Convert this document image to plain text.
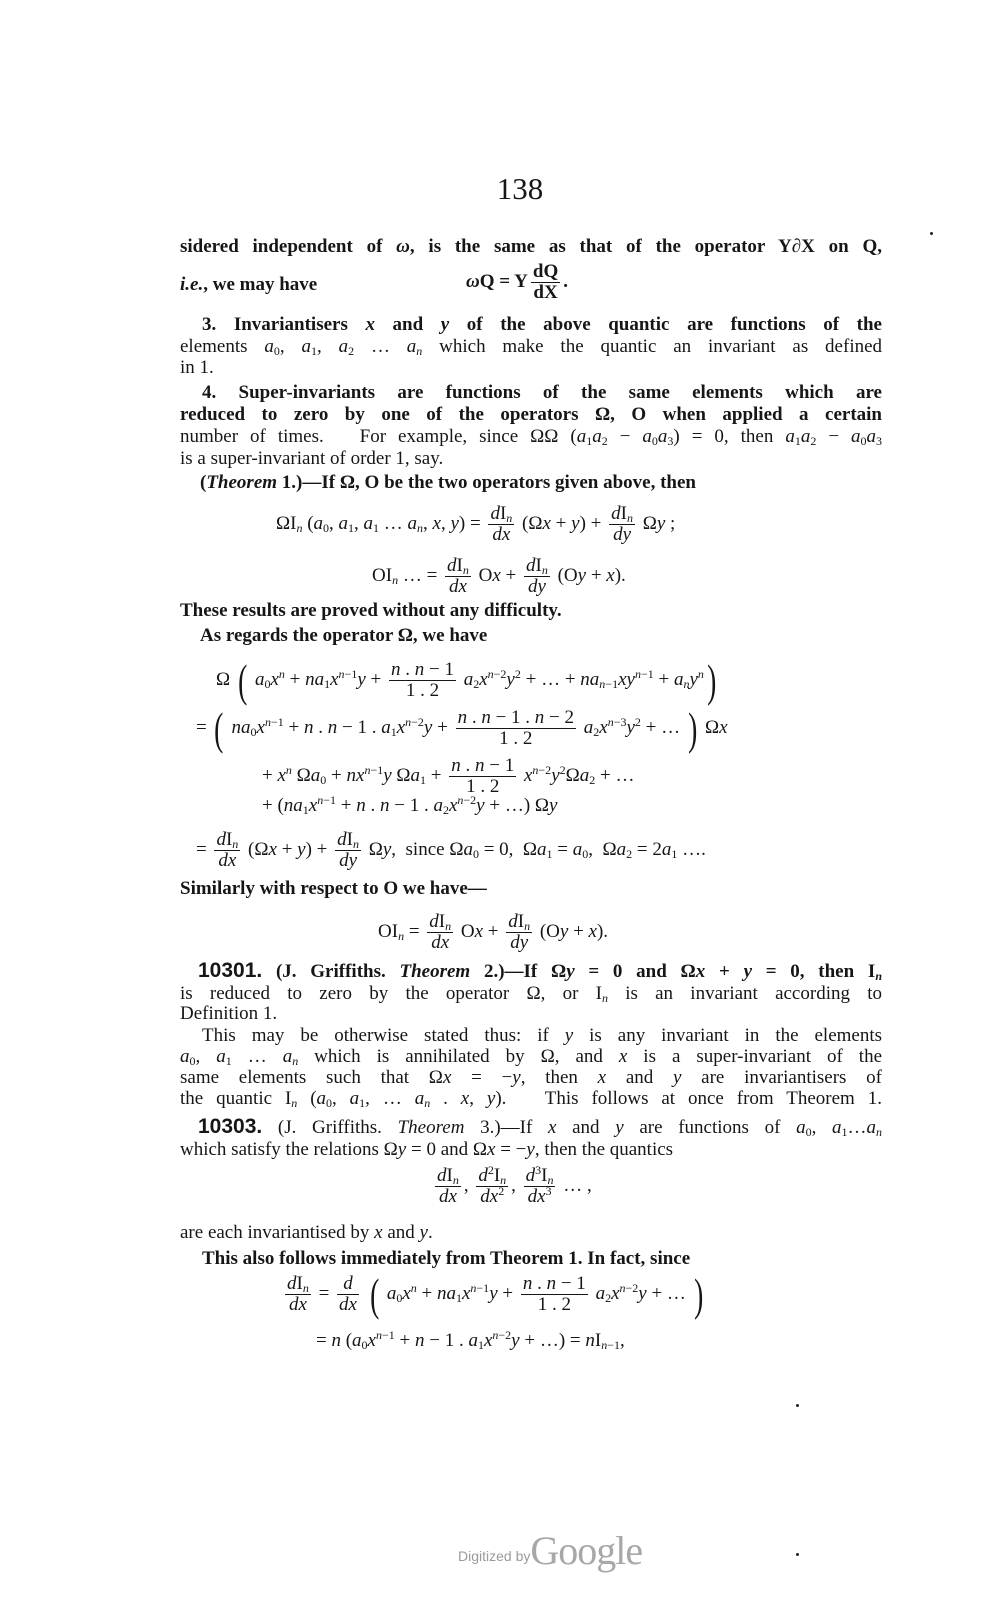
138
sidered independent of ω, is the same as that of the operator Y∂X on Q,
i.e., we may have	ωQ = Y $\frac{dQ}{dX}$ .
3. Invariantisers x and y of the above quantic are functions of the
elements $a_0$, $a_1$, $a_2$ … $a_n$ which make the quantic an invariant as defined
in 1.
4. Super-invariants are functions of the same elements which are
reduced to zero by one of the operators Ω, O when applied a certain
number of times.   For example, since ΩΩ $(a_1a_2 - a_0a_3) = 0$, then $a_1a_2 - a_0a_3$
is a super-invariant of order 1, say.
(Theorem 1.)—If Ω, O be the two operators given above, then
$\Omega I_n$ ($a_0$, $a_1$, $a_1$ … $a_n$, x, $y) = \frac{dI_n}{dx} (\Omega x + y) + \frac{dI_n}{dy}$ Ωy ;
$OI_n$ … = $\frac{dI_n}{dx}$ $Ox + \frac{dI_n}{dy} (Oy + x)$.
These results are proved without any difficulty.
As regards the operator Ω, we have
Ω ( $a_0x^n + na_1x^{n-1}y + \frac{n . n - 1}{1 . 2} a_2x^{n-2}y^2$ + … + $na_{n-1}xy^{n-1} + a_ny^n$)
= ( $na_0x^{n-1} + n$ . n − 1 . $a_1x^{n-2}y + \frac{n . n - 1 . n - 2}{1 . 2} a_2x^{n-3}y^2$ + … ) Ωx
+ $x^n$ $\Omega a_0 + nx^{n-1}y$ $\Omega a_1 + \frac{n . n - 1}{1 . 2} x^{n-2}y^2\Omega a_2$ + …
+ ($na_1x^{n-1} + n$ . n − 1 . $a_2x^{n-2}y$ + …) Ωy
= $\frac{dI_n}{dx} (\Omega x + y) + \frac{dI_n}{dy} \Omega y$,  since $\Omega a_0 = 0$,  $\Omega a_1 = a_0$,  $\Omega a_2 = 2a_1$ ….
Similarly with respect to O we have—
$OI_n = \frac{dI_n}{dx}$ $Ox + \frac{dI_n}{dy} (Oy + x)$.
10301. (J. Griffiths. Theorem 2.)—If Ωy = 0 and Ωx + y = 0, then $I_n$
is reduced to zero by the operator Ω, or $I_n$ is an invariant according to
Definition 1.
This may be otherwise stated thus: if y is any invariant in the elements
$a_0$, $a_1$ … $a_n$ which is annihilated by Ω, and x is a super-invariant of the
same elements such that Ωx = −y, then x and y are invariantisers of
the quantic $I_n$ ($a_0$, $a_1$, … $a_n$ . x, y).   This follows at once from Theorem 1.
10303. (J. Griffiths. Theorem 3.)—If x and y are functions of $a_0$, $a_1\dots a_n$
which satisfy the relations Ωy = 0 and Ωx = −y, then the quantics
$\frac{dI_n}{dx}$ , $\frac{d^2I_n}{dx^2}$ , $\frac{d^3I_n}{dx^3}$ … ,
are each invariantised by x and y.
This also follows immediately from Theorem 1. In fact, since
$\frac{dI_n}{dx} = \frac{d}{dx}$ ( $a_0x^n + na_1x^{n-1}y + \frac{n . n - 1}{1 . 2} a_2x^{n-2}y$ + … )
= n ($a_0x^{n-1} + n - 1$ . $a_1x^{n-2}y$ + …) = $nI_{n-1}$,
Digitized byGoogle
